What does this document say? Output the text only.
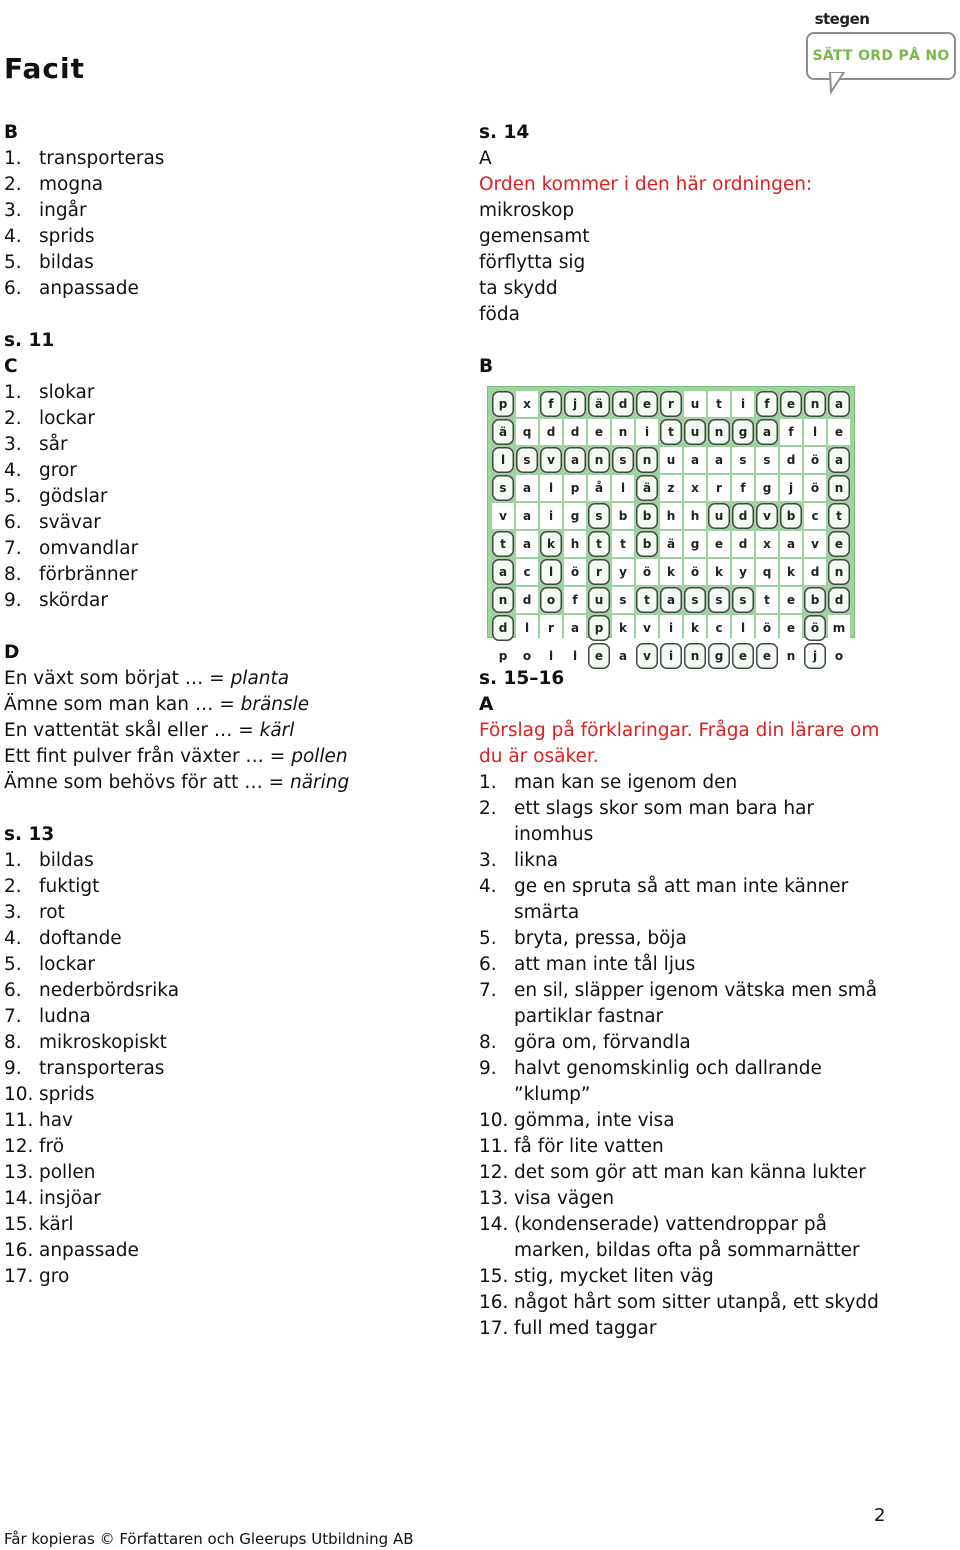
Facit
stegen
SÄTT ORD PÅ NO
B
1. transporteras
2. mogna
3. ingår
4. sprids
5. bildas
6. anpassade
s. 11
C
1. slokar
2. lockar
3. sår
4. gror
5. gödslar
6. svävar
7. omvandlar
8. förbränner
9. skördar
D
En växt som börjat … = planta
Ämne som man kan … = bränsle
En vattentät skål eller … = kärl
Ett fint pulver från växter … = pollen
Ämne som behövs för att … = näring
s. 13
1. bildas
2. fuktigt
3. rot
4. doftande
5. lockar
6. nederbördsrika
7. ludna
8. mikroskopiskt
9. transporteras
10. sprids
11. hav
12. frö
13. pollen
14. insjöar
15. kärl
16. anpassade
17. gro
s. 14
A
Orden kommer i den här ordningen:
mikroskop
gemensamt
förflytta sig
ta skydd
föda
B
p	x	f	j	ä	d	e	r	u	t	i	f	e	n	a
ä	q	d	d	e	n	i	t	u	n	g	a	f	l	e
l	s	v	a	n	s	n	u	a	a	s	s	d	ö	a
s	a	l	p	å	l	ä	z	x	r	f	g	j	ö	n
v	a	i	g	s	b	b	h	h	u	d	v	b	c	t
t	a	k	h	t	t	b	ä	g	e	d	x	a	v	e
a	c	l	ö	r	y	ö	k	ö	k	y	q	k	d	n
n	d	o	f	u	s	t	a	s	s	s	t	e	b	d
d	l	r	a	p	k	v	i	k	c	l	ö	e	ö	m
p	o	l	l	e	a	v	i	n	g	e	e	n	j	o
s. 15–16
A
Förslag på förklaringar. Fråga din lärare om du är osäker.
1. man kan se igenom den
2. ett slags skor som man bara har inomhus
3. likna
4. ge en spruta så att man inte känner smärta
5. bryta, pressa, böja
6. att man inte tål ljus
7. en sil, släpper igenom vätska men små partiklar fastnar
8. göra om, förvandla
9. halvt genomskinlig och dallrande ”klump”
10. gömma, inte visa
11. få för lite vatten
12. det som gör att man kan känna lukter
13. visa vägen
14. (kondenserade) vattendroppar på marken, bildas ofta på sommarnätter
15. stig, mycket liten väg
16. något hårt som sitter utanpå, ett skydd
17. full med taggar
2
Får kopieras © Författaren och Gleerups Utbildning AB
